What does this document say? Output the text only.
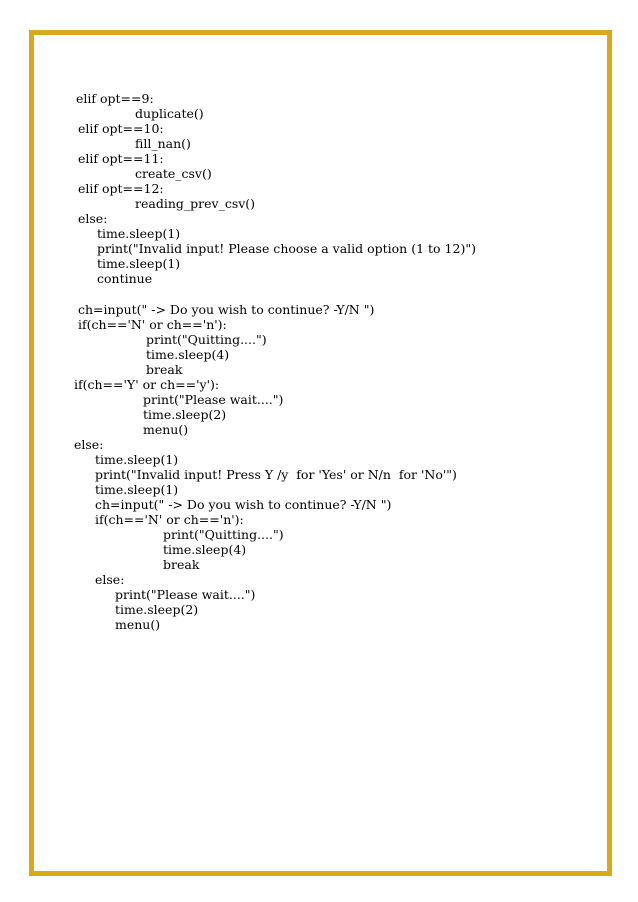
elif opt==9:

duplicate()

elif opt==10:

fill_nan()

elif opt==11:

create_csv()

elif opt==12:

reading_prev_csv()

else:

time.sleep(1)

print("Invalid input! Please choose a valid option (1 to 12)")

time.sleep(1)

continue

ch=input(" -> Do you wish to continue? -Y/N ")

if(ch=='N' or ch=='n'):

print("Quitting....")

time.sleep(4)

break

if(ch=='Y' or ch=='y'):

print("Please wait....")

time.sleep(2)

menu()

else:

time.sleep(1)

print("Invalid input! Press Y /y  for 'Yes' or N/n  for 'No'")

time.sleep(1)

ch=input(" -> Do you wish to continue? -Y/N ")

if(ch=='N' or ch=='n'):

print("Quitting....")

time.sleep(4)

break

else:

print("Please wait....")

time.sleep(2)

menu()
